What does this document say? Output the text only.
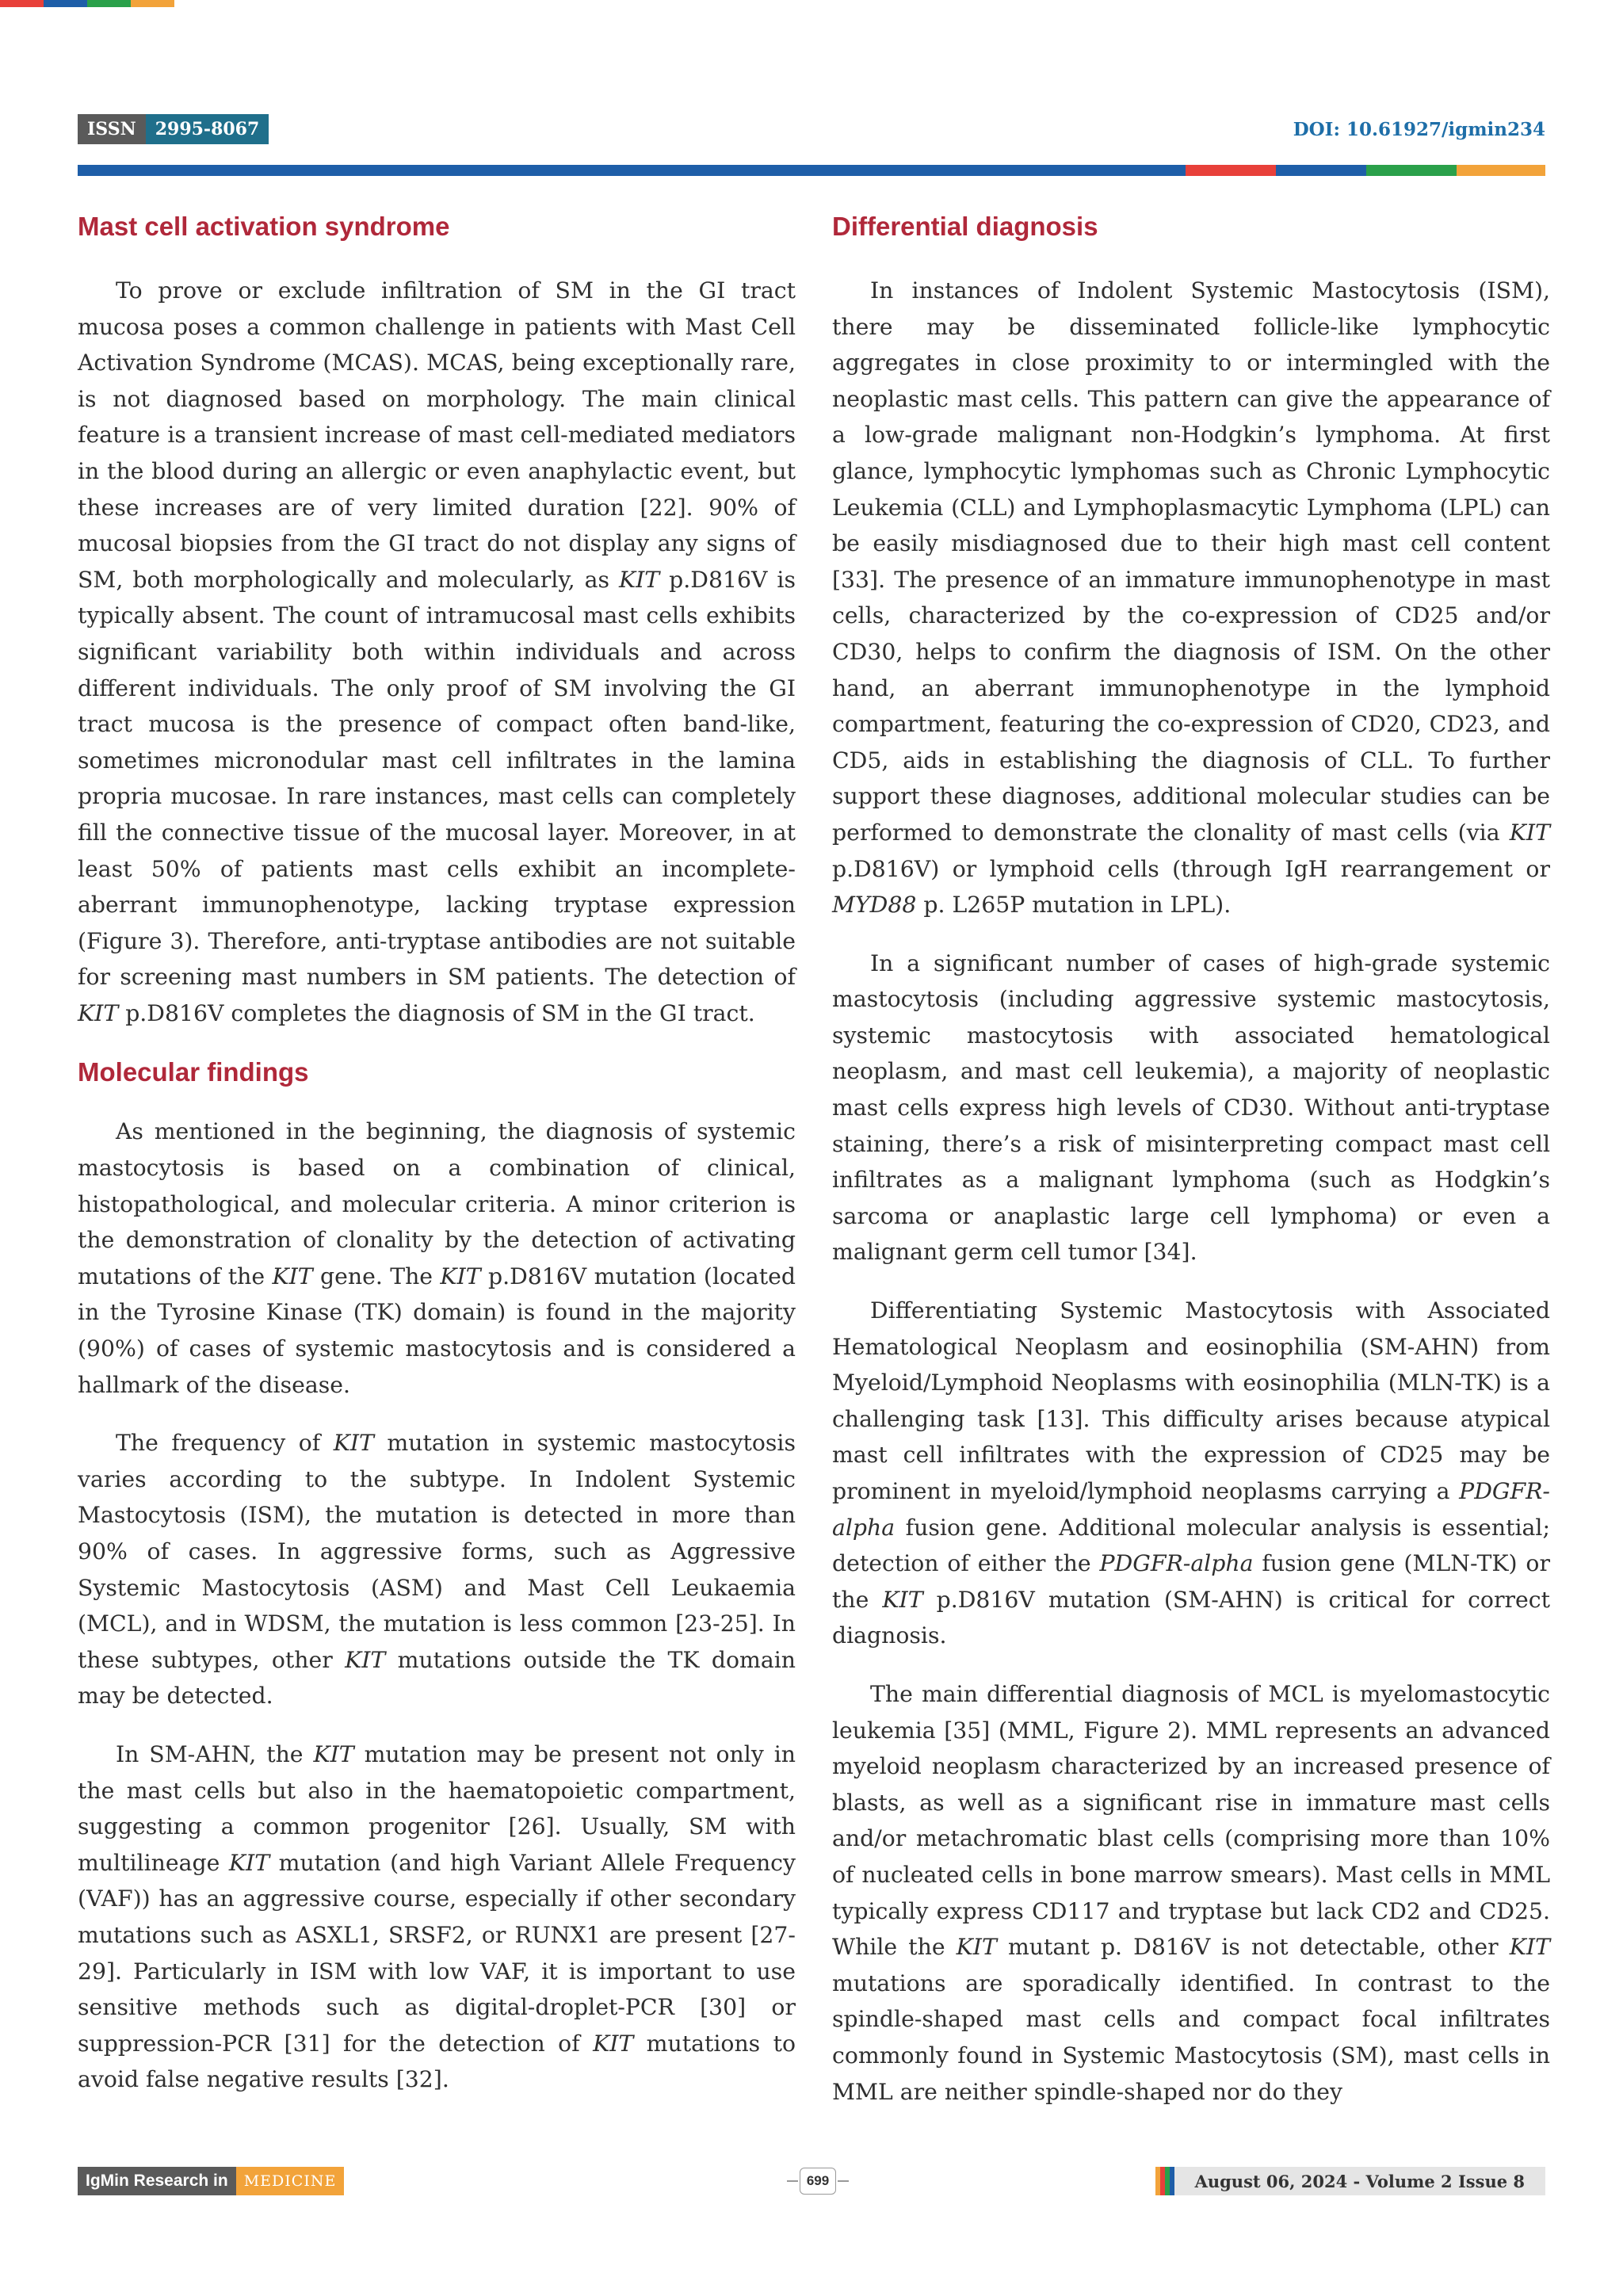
ISSN	2995-8067	DOI: 10.61927/igmin234
Mast cell activation syndrome

To prove or exclude infiltration of SM in the GI tract mucosa poses a common challenge in patients with Mast Cell Activation Syndrome (MCAS). MCAS, being exceptionally rare, is not diagnosed based on morphology. The main clinical feature is a transient increase of mast cell-mediated mediators in the blood during an allergic or even anaphylactic event, but these increases are of very limited duration [22]. 90% of mucosal biopsies from the GI tract do not display any signs of SM, both morphologically and molecularly, as KIT p.D816V is typically absent. The count of intramucosal mast cells exhibits significant variability both within individuals and across different individuals. The only proof of SM involving the GI tract mucosa is the presence of compact often band-like, sometimes micronodular mast cell infiltrates in the lamina propria mucosae. In rare instances, mast cells can completely fill the connective tissue of the mucosal layer. Moreover, in at least 50% of patients mast cells exhibit an incomplete-aberrant immunophenotype, lacking tryptase expression (Figure 3). Therefore, anti-tryptase antibodies are not suitable for screening mast numbers in SM patients. The detection of KIT p.D816V completes the diagnosis of SM in the GI tract.

Molecular findings

As mentioned in the beginning, the diagnosis of systemic mastocytosis is based on a combination of clinical, histopathological, and molecular criteria. A minor criterion is the demonstration of clonality by the detection of activating mutations of the KIT gene. The KIT p.D816V mutation (located in the Tyrosine Kinase (TK) domain) is found in the majority (90%) of cases of systemic mastocytosis and is considered a hallmark of the disease.

The frequency of KIT mutation in systemic mastocytosis varies according to the subtype. In Indolent Systemic Mastocytosis (ISM), the mutation is detected in more than 90% of cases. In aggressive forms, such as Aggressive Systemic Mastocytosis (ASM) and Mast Cell Leukaemia (MCL), and in WDSM, the mutation is less common [23-25]. In these subtypes, other KIT mutations outside the TK domain may be detected.

In SM-AHN, the KIT mutation may be present not only in the mast cells but also in the haematopoietic compartment, suggesting a common progenitor [26]. Usually, SM with multilineage KIT mutation (and high Variant Allele Frequency (VAF)) has an aggressive course, especially if other secondary mutations such as ASXL1, SRSF2, or RUNX1 are present [27-29]. Particularly in ISM with low VAF, it is important to use sensitive methods such as digital-droplet-PCR [30] or suppression-PCR [31] for the detection of KIT mutations to avoid false negative results [32].

Differential diagnosis

In instances of Indolent Systemic Mastocytosis (ISM), there may be disseminated follicle-like lymphocytic aggregates in close proximity to or intermingled with the neoplastic mast cells. This pattern can give the appearance of a low-grade malignant non-Hodgkin’s lymphoma. At first glance, lymphocytic lymphomas such as Chronic Lymphocytic Leukemia (CLL) and Lymphoplasmacytic Lymphoma (LPL) can be easily misdiagnosed due to their high mast cell content [33]. The presence of an immature immunophenotype in mast cells, characterized by the co-expression of CD25 and/or CD30, helps to confirm the diagnosis of ISM. On the other hand, an aberrant immunophenotype in the lymphoid compartment, featuring the co-expression of CD20, CD23, and CD5, aids in establishing the diagnosis of CLL. To further support these diagnoses, additional molecular studies can be performed to demonstrate the clonality of mast cells (via KIT p.D816V) or lymphoid cells (through IgH rearrangement or MYD88 p. L265P mutation in LPL).

In a significant number of cases of high-grade systemic mastocytosis (including aggressive systemic mastocytosis, systemic mastocytosis with associated hematological neoplasm, and mast cell leukemia), a majority of neoplastic mast cells express high levels of CD30. Without anti-tryptase staining, there’s a risk of misinterpreting compact mast cell infiltrates as a malignant lymphoma (such as Hodgkin’s sarcoma or anaplastic large cell lymphoma) or even a malignant germ cell tumor [34].

Differentiating Systemic Mastocytosis with Associated Hematological Neoplasm and eosinophilia (SM-AHN) from Myeloid/Lymphoid Neoplasms with eosinophilia (MLN-TK) is a challenging task [13]. This difficulty arises because atypical mast cell infiltrates with the expression of CD25 may be prominent in myeloid/lymphoid neoplasms carrying a PDGFR-alpha fusion gene. Additional molecular analysis is essential; detection of either the PDGFR-alpha fusion gene (MLN-TK) or the KIT p.D816V mutation (SM-AHN) is critical for correct diagnosis.

The main differential diagnosis of MCL is myelomastocytic leukemia [35] (MML, Figure 2). MML represents an advanced myeloid neoplasm characterized by an increased presence of blasts, as well as a significant rise in immature mast cells and/or metachromatic blast cells (comprising more than 10% of nucleated cells in bone marrow smears). Mast cells in MML typically express CD117 and tryptase but lack CD2 and CD25. While the KIT mutant p. D816V is not detectable, other KIT mutations are sporadically identified. In contrast to the spindle-shaped mast cells and compact focal infiltrates commonly found in Systemic Mastocytosis (SM), mast cells in MML are neither spindle-shaped nor do they

IgMin Research in	MEDICINE	699	August 06, 2024 - Volume 2 Issue 8
